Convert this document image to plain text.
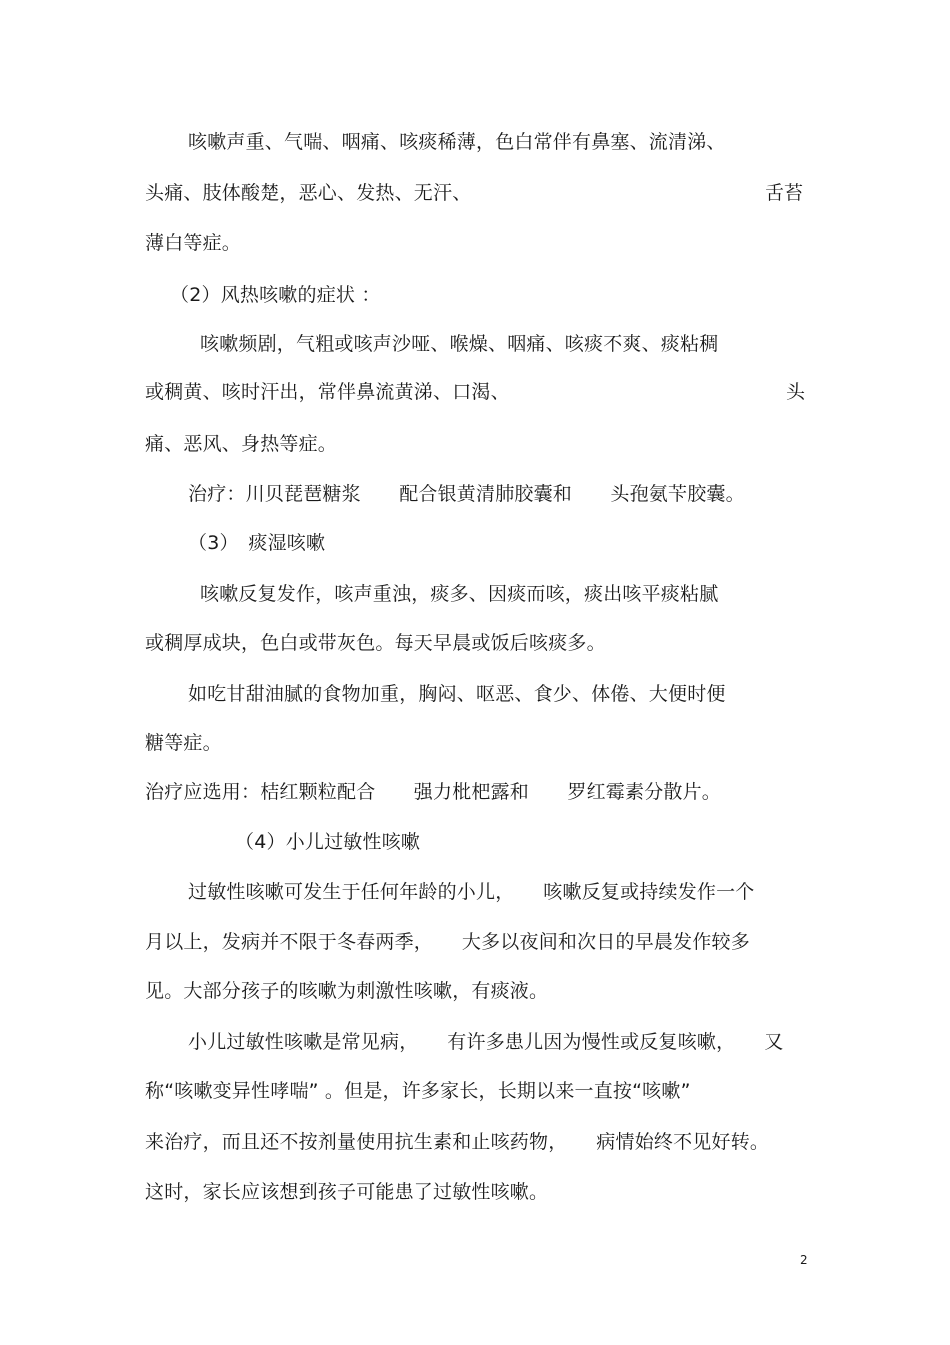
咳嗽声重、气喘、咽痛、咳痰稀薄，色白常伴有鼻塞、流清涕、
头痛、肢体酸楚，恶心、发热、无汗、	舌苔
薄白等症。
（2）风热咳嗽的症状 ：
咳嗽频剧，气粗或咳声沙哑、喉燥、咽痛、咳痰不爽、痰粘稠
或稠黄、咳时汗出，常伴鼻流黄涕、口渴、	头
痛、恶风、身热等症。
治疗：川贝琵琶糖浆　　配合银黄清肺胶囊和　　头孢氨苄胶囊。
（3）　痰湿咳嗽
咳嗽反复发作，咳声重浊，痰多、因痰而咳，痰出咳平痰粘腻
或稠厚成块，色白或带灰色。每天早晨或饭后咳痰多。
如吃甘甜油腻的食物加重，胸闷、呕恶、食少、体倦、大便时便
糖等症。
治疗应选用：桔红颗粒配合　　强力枇杷露和　　罗红霉素分散片。
（4）小儿过敏性咳嗽
过敏性咳嗽可发生于任何年龄的小儿，　　咳嗽反复或持续发作一个
月以上，发病并不限于冬春两季，　　大多以夜间和次日的早晨发作较多
见。大部分孩子的咳嗽为刺激性咳嗽，有痰液。
小儿过敏性咳嗽是常见病，　　有许多患儿因为慢性或反复咳嗽，　　又
称“咳嗽变异性哮喘” 。但是，许多家长，长期以来一直按“咳嗽”
来治疗，而且还不按剂量使用抗生素和止咳药物，　　病情始终不见好转。
这时，家长应该想到孩子可能患了过敏性咳嗽。
2
